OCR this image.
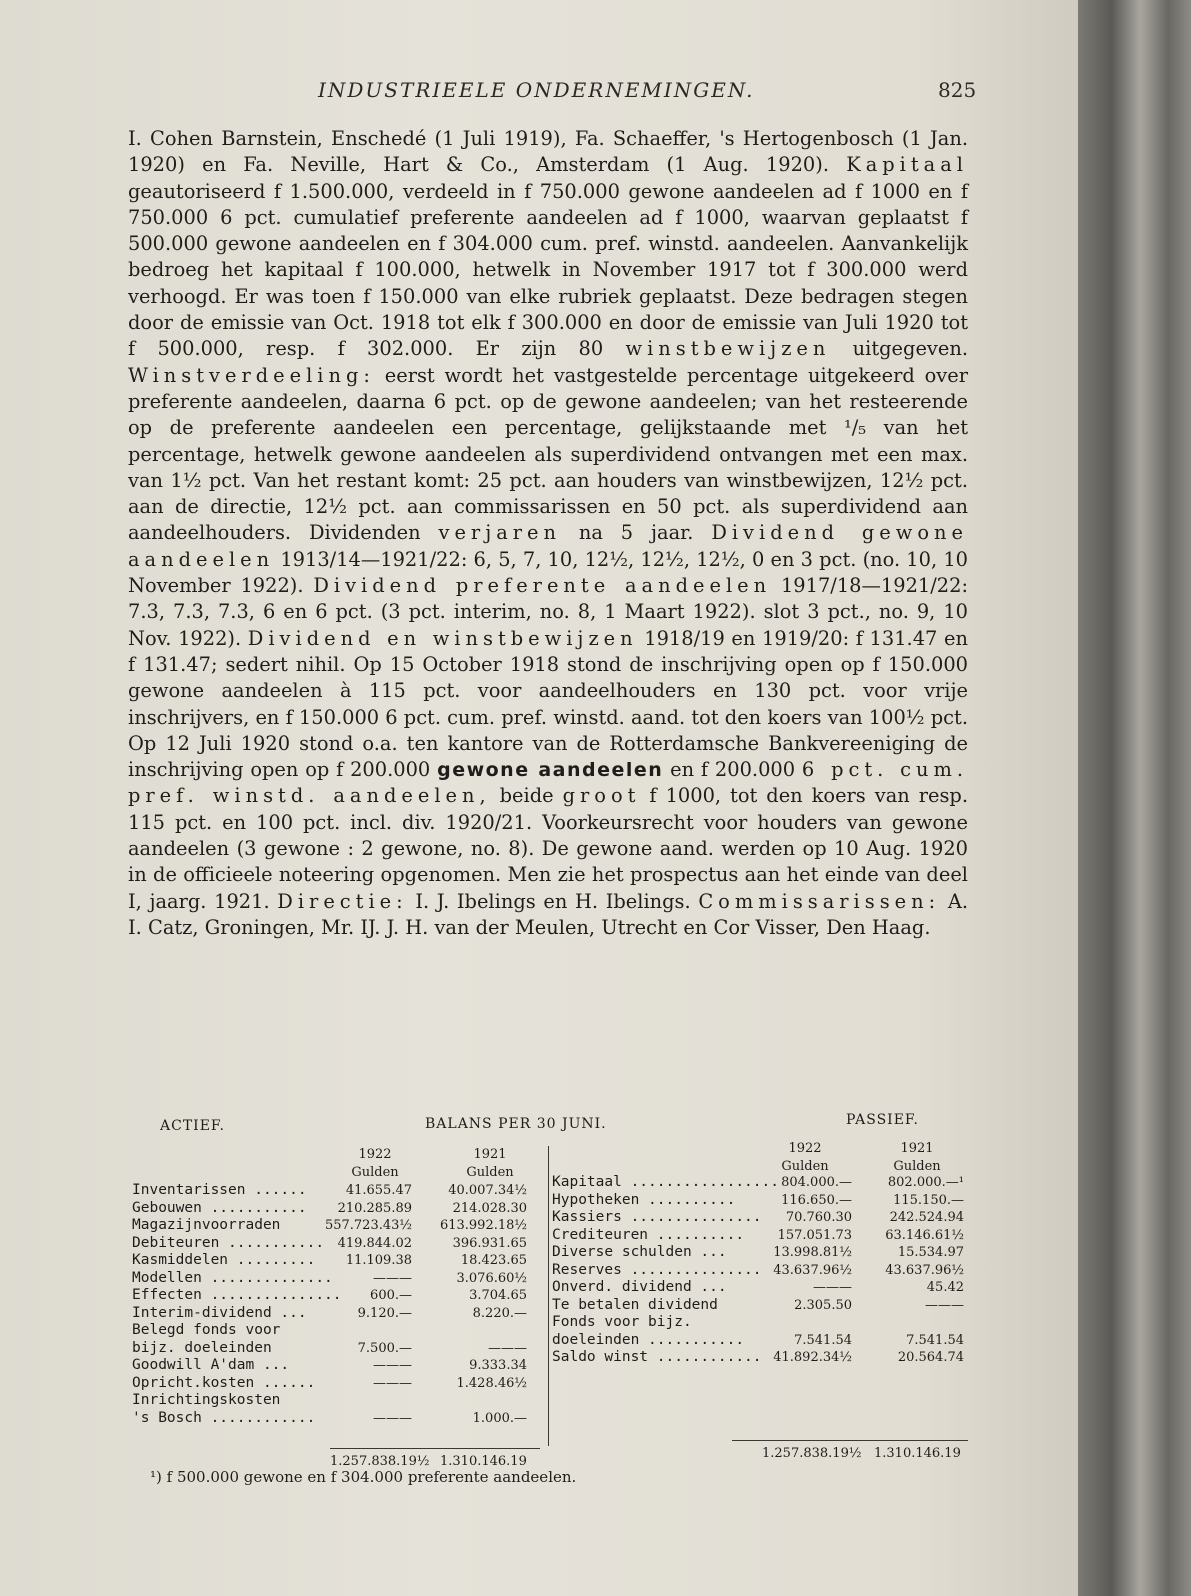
INDUSTRIEELE ONDERNEMINGEN.	825
I. Cohen Barnstein, Enschedé (1 Juli 1919), Fa. Schaeffer, 's Hertogenbosch (1 Jan. 1920) en Fa. Neville, Hart & Co., Amsterdam (1 Aug. 1920). Kapitaal geautoriseerd f 1.500.000, verdeeld in f 750.000 gewone aandeelen ad f 1000 en f 750.000 6 pct. cumulatief preferente aandeelen ad f 1000, waarvan geplaatst f 500.000 gewone aandeelen en f 304.000 cum. pref. winstd. aandeelen. Aanvankelijk bedroeg het kapitaal f 100.000, hetwelk in November 1917 tot f 300.000 werd verhoogd. Er was toen f 150.000 van elke rubriek geplaatst. Deze bedragen stegen door de emissie van Oct. 1918 tot elk f 300.000 en door de emissie van Juli 1920 tot f 500.000, resp. f 302.000. Er zijn 80 winstbewijzen uitgegeven. Winstverdeeling: eerst wordt het vastgestelde percentage uitgekeerd over preferente aandeelen, daarna 6 pct. op de gewone aandeelen; van het resteerende op de preferente aandeelen een percentage, gelijkstaande met ¹/₅ van het percentage, hetwelk gewone aandeelen als superdividend ontvangen met een max. van 1½ pct. Van het restant komt: 25 pct. aan houders van winstbewijzen, 12½ pct. aan de directie, 12½ pct. aan commissarissen en 50 pct. als superdividend aan aandeelhouders. Dividenden verjaren na 5 jaar. Dividend gewone aandeelen 1913/14—1921/22: 6, 5, 7, 10, 12½, 12½, 12½, 0 en 3 pct. (no. 10, 10 November 1922). Dividend preferente aandeelen 1917/18—1921/22: 7.3, 7.3, 7.3, 6 en 6 pct. (3 pct. interim, no. 8, 1 Maart 1922). slot 3 pct., no. 9, 10 Nov. 1922). Dividend en winstbewijzen 1918/19 en 1919/20: f 131.47 en f 131.47; sedert nihil. Op 15 October 1918 stond de inschrijving open op f 150.000 gewone aandeelen à 115 pct. voor aandeelhouders en 130 pct. voor vrije inschrijvers, en f 150.000 6 pct. cum. pref. winstd. aand. tot den koers van 100½ pct. Op 12 Juli 1920 stond o.a. ten kantore van de Rotterdamsche Bankvereeniging de inschrijving open op f 200.000 gewone aandeelen en f 200.000 6 pct. cum. pref. winstd. aandeelen, beide groot f 1000, tot den koers van resp. 115 pct. en 100 pct. incl. div. 1920/21. Voorkeursrecht voor houders van gewone aandeelen (3 gewone : 2 gewone, no. 8). De gewone aand. werden op 10 Aug. 1920 in de officieele noteering opgenomen. Men zie het prospectus aan het einde van deel I, jaarg. 1921. Directie: I. J. Ibelings en H. Ibelings. Commissarissen: A. I. Catz, Groningen, Mr. IJ. J. H. van der Meulen, Utrecht en Cor Visser, Den Haag.
ACTIEF.	BALANS PER 30 JUNI.	PASSIEF.
1922
Gulden
1921
Gulden
1922
Gulden
1921
Gulden
Inventarissen ......	41.655.47	40.007.34½
Gebouwen ...........	210.285.89	214.028.30
Magazijnvoorraden	557.723.43½ 613.992.18½
Debiteuren ...........	419.844.02	396.931.65
Kasmiddelen .........	11.109.38	18.423.65
Modellen ..............	———	3.076.60½
Effecten ...............	600.—	3.704.65
Interim-dividend ...	9.120.—	8.220.—
Belegd fonds voor
bijz. doeleinden	7.500.—	———
Goodwill A'dam ...	———	9.333.34
Opricht.kosten ......	———	1.428.46½
Inrichtingskosten
's Bosch ............	———	1.000.—
Kapitaal ................. 804.000.—	802.000.—¹
Hypotheken ..........	116.650.—	115.150.—
Kassiers ...............	70.760.30	242.524.94
Crediteuren ..........	157.051.73	63.146.61½
Diverse schulden ...	13.998.81½	15.534.97
Reserves ............... 43.637.96½	43.637.96½
Onverd. dividend ...	———	45.42
Te betalen dividend	2.305.50	———
Fonds voor bijz.
doeleinden ...........	7.541.54	7.541.54
Saldo winst ............ 41.892.34½	20.564.74
1.257.838.19½ 1.310.146.19
1.257.838.19½ 1.310.146.19
¹) f 500.000 gewone en f 304.000 preferente aandeelen.
